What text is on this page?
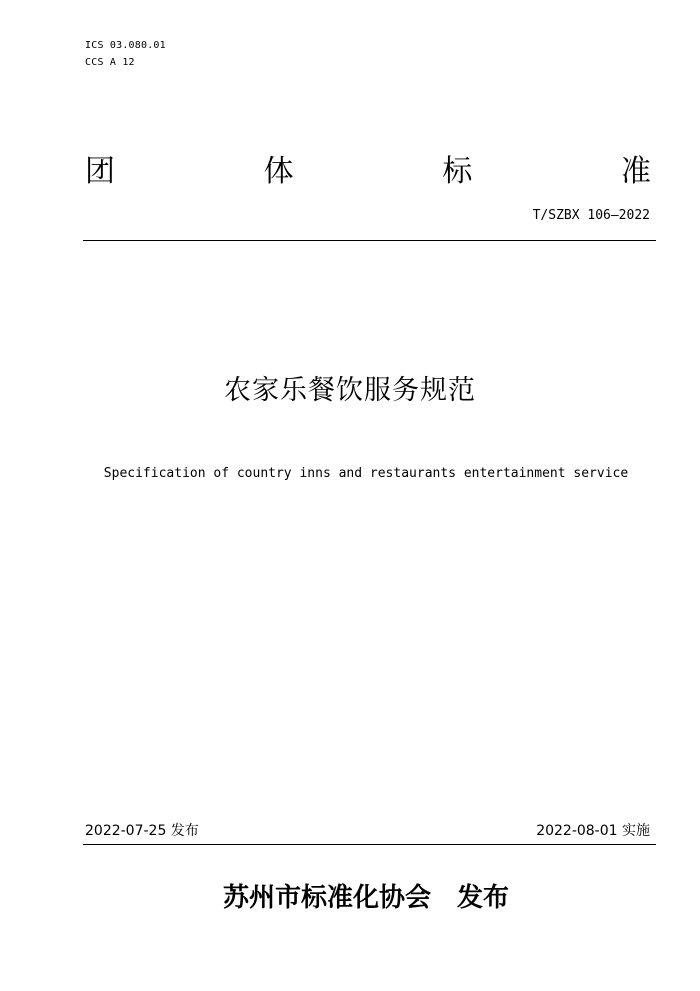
ICS 03.080.01
CCS A 12
团	体	标	准
T/SZBX 106—2022
农家乐餐饮服务规范
Specification of country inns and restaurants entertainment service
2022-07-25 发布	2022-08-01 实施
苏州市标准化协会 发布
